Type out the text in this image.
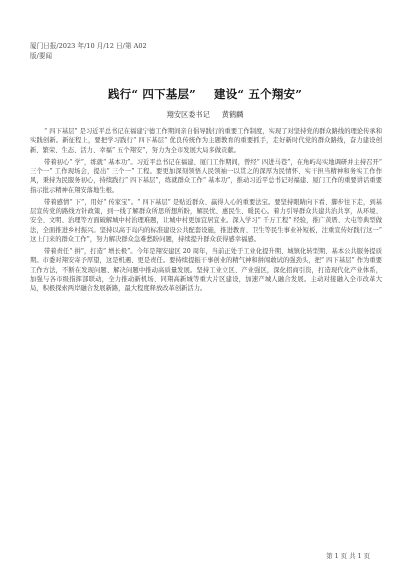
厦门日报/2023 年/10 月/12 日/第 A02
版/要闻
践行“ 四下基层” 建设“ 五个翔安”
翔安区委书记 黄鹤麟

“ 四下基层” 是习近平总书记在福建宁德工作期间亲自倡导践行的重要工作制度，实现了对坚持党的群众路线的理论传承和实践创新。新征程上，要把学习践行“ 四下基层” 优良传统作为主题教育的重要抓手，走好新时代党的群众路线，奋力建设创新、繁荣、生态、活力、幸福“ 五个翔安”，努力为全市发展大局多做贡献。

带着初心“ 学”，练就“ 基本功”。习近平总书记在福建、厦门工作期间，曾经“ 四进马巷”，在角屿岛实地调研并主持召开“ 三个一” 工作现场会，提出“ 三个一” 工程。要更加深刻领悟人民领袖一以贯之的深厚为民情怀、实干担当精神和务实工作作风，秉持为民服务初心，持续践行“ 四下基层”，练就群众工作“ 基本功”，推动习近平总书记对福建、厦门工作的重要讲话重要指示批示精神在翔安落地生根。

带着感情“ 下”，用好“ 传家宝”。“ 四下基层” 是贴近群众、赢得人心的重要法宝。要坚持眼睛向下看、脚步往下走，到基层宣传党的路线方针政策，到一线了解群众所思所想所盼，解民忧、惠民生、暖民心。着力引导群众共建共治共享，从环境、安全、文明、治理等方面破解城中村治理难题，让城中村更加宜居宜业。深入学习“ 千万工程” 经验，推广黄厝、大屯等典型做法，全面推进乡村振兴。坚持以高于岛内的标准建设公共配套设施，推进教育、卫生等民生事业补短板，注重宣传好践行这一“ 这上门来的群众工作”，努力解决群众急难愁盼问题，持续提升群众获得感幸福感。

带着责任“ 拼”，打造“ 增长极”。今年是翔安建区 20 周年，当前正处于工业化提升期、城镇化转型期、基本公共服务提质期。市委对翔安寄予厚望，这是机遇、更是责任。要持续提振干事创业的精气神和拼闯敢试的强劲头，把“ 四下基层” 作为重要工作方法，不断在发现问题、解决问题中推动高质量发展。坚持工业立区、产业强区，深化招商引资，打造现代化产业体系，加强与各市级指挥部联动，全力推动新机场、同翔高新城等重大片区建设，加速产城人融合发展。主动对接融入全市改革大局，积极探索两岸融合发展新路，最大程度释放改革创新活力。

第 1 页 共 1 页
